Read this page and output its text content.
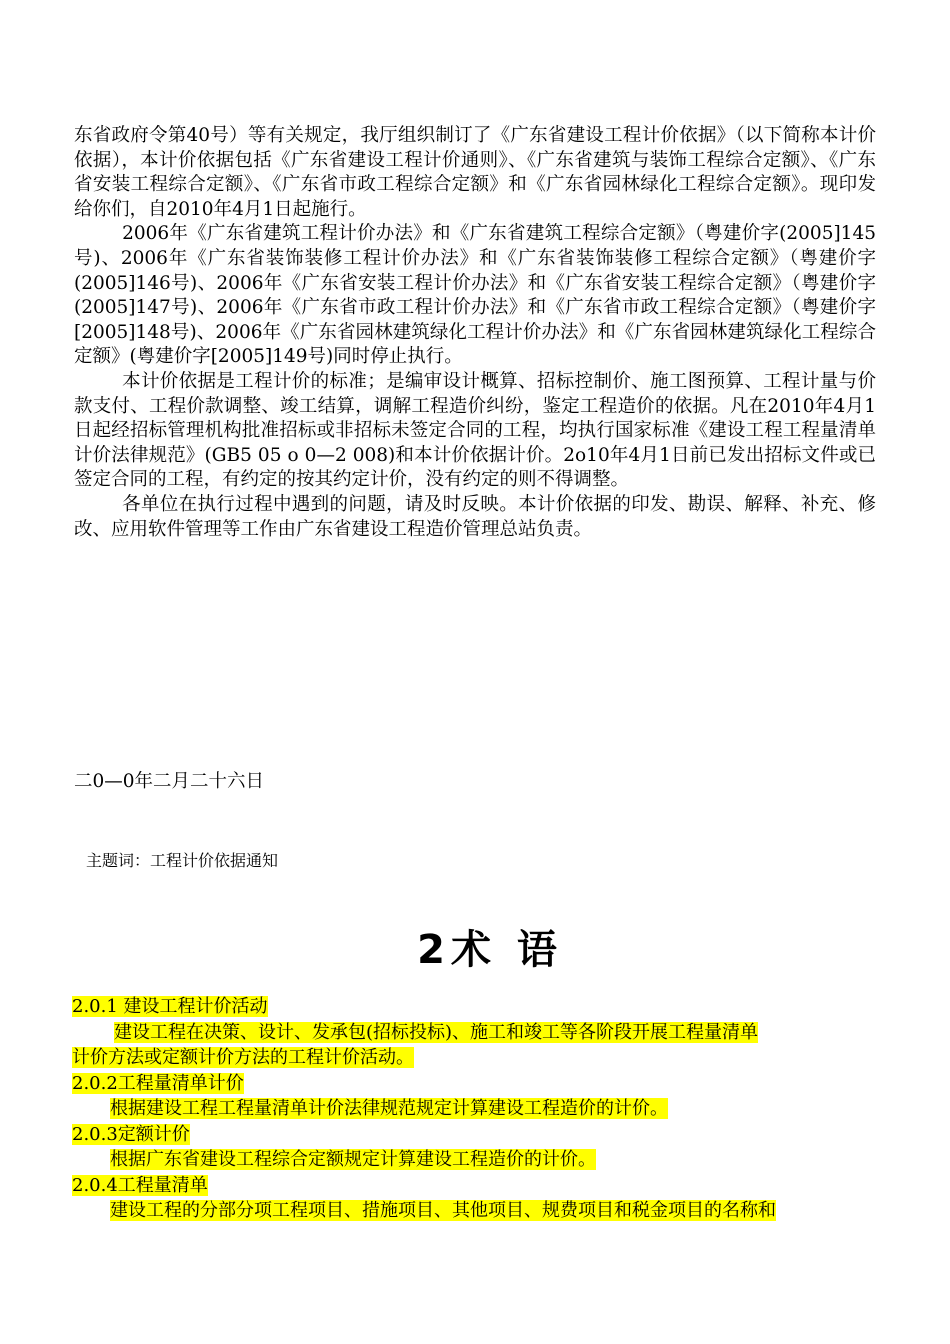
东省政府令第40号）等有关规定，我厅组织制订了《广东省建设工程计价依据》（以下简称本计价依据），本计价依据包括《广东省建设工程计价通则》、《广东省建筑与装饰工程综合定额》、《广东省安装工程综合定额》、《广东省市政工程综合定额》和《广东省园林绿化工程综合定额》。现印发给你们，自2010年4月1日起施行。

2006年《广东省建筑工程计价办法》和《广东省建筑工程综合定额》（粤建价字(2005]145号)、2006年《广东省装饰装修工程计价办法》和《广东省装饰装修工程综合定额》（粤建价字(2005]146号)、2006年《广东省安装工程计价办法》和《广东省安装工程综合定额》（粤建价字(2005]147号)、2006年《广东省市政工程计价办法》和《广东省市政工程综合定额》（粤建价字[2005]148号)、2006年《广东省园林建筑绿化工程计价办法》和《广东省园林建筑绿化工程综合定额》(粤建价字[2005]149号)同时停止执行。

本计价依据是工程计价的标准；是编审设计概算、招标控制价、施工图预算、工程计量与价款支付、工程价款调整、竣工结算，调解工程造价纠纷，鉴定工程造价的依据。凡在2010年4月1日起经招标管理机构批准招标或非招标未签定合同的工程，均执行国家标准《建设工程工程量清单计价法律规范》(GB5 05 o 0—2 008)和本计价依据计价。2o10年4月1日前已发出招标文件或已签定合同的工程，有约定的按其约定计价，没有约定的则不得调整。

各单位在执行过程中遇到的问题，请及时反映。本计价依据的印发、勘误、解释、补充、修改、应用软件管理等工作由广东省建设工程造价管理总站负责。

二0—0年二月二十六日

主题词：工程计价依据通知
2术 语
2.0.1 建设工程计价活动
建设工程在决策、设计、发承包(招标投标)、施工和竣工等各阶段开展工程量清单
计价方法或定额计价方法的工程计价活动。
2.0.2工程量清单计价
根据建设工程工程量清单计价法律规范规定计算建设工程造价的计价。
2.0.3定额计价
根据广东省建设工程综合定额规定计算建设工程造价的计价。
2.0.4工程量清单
建设工程的分部分项工程项目、措施项目、其他项目、规费项目和税金项目的名称和
